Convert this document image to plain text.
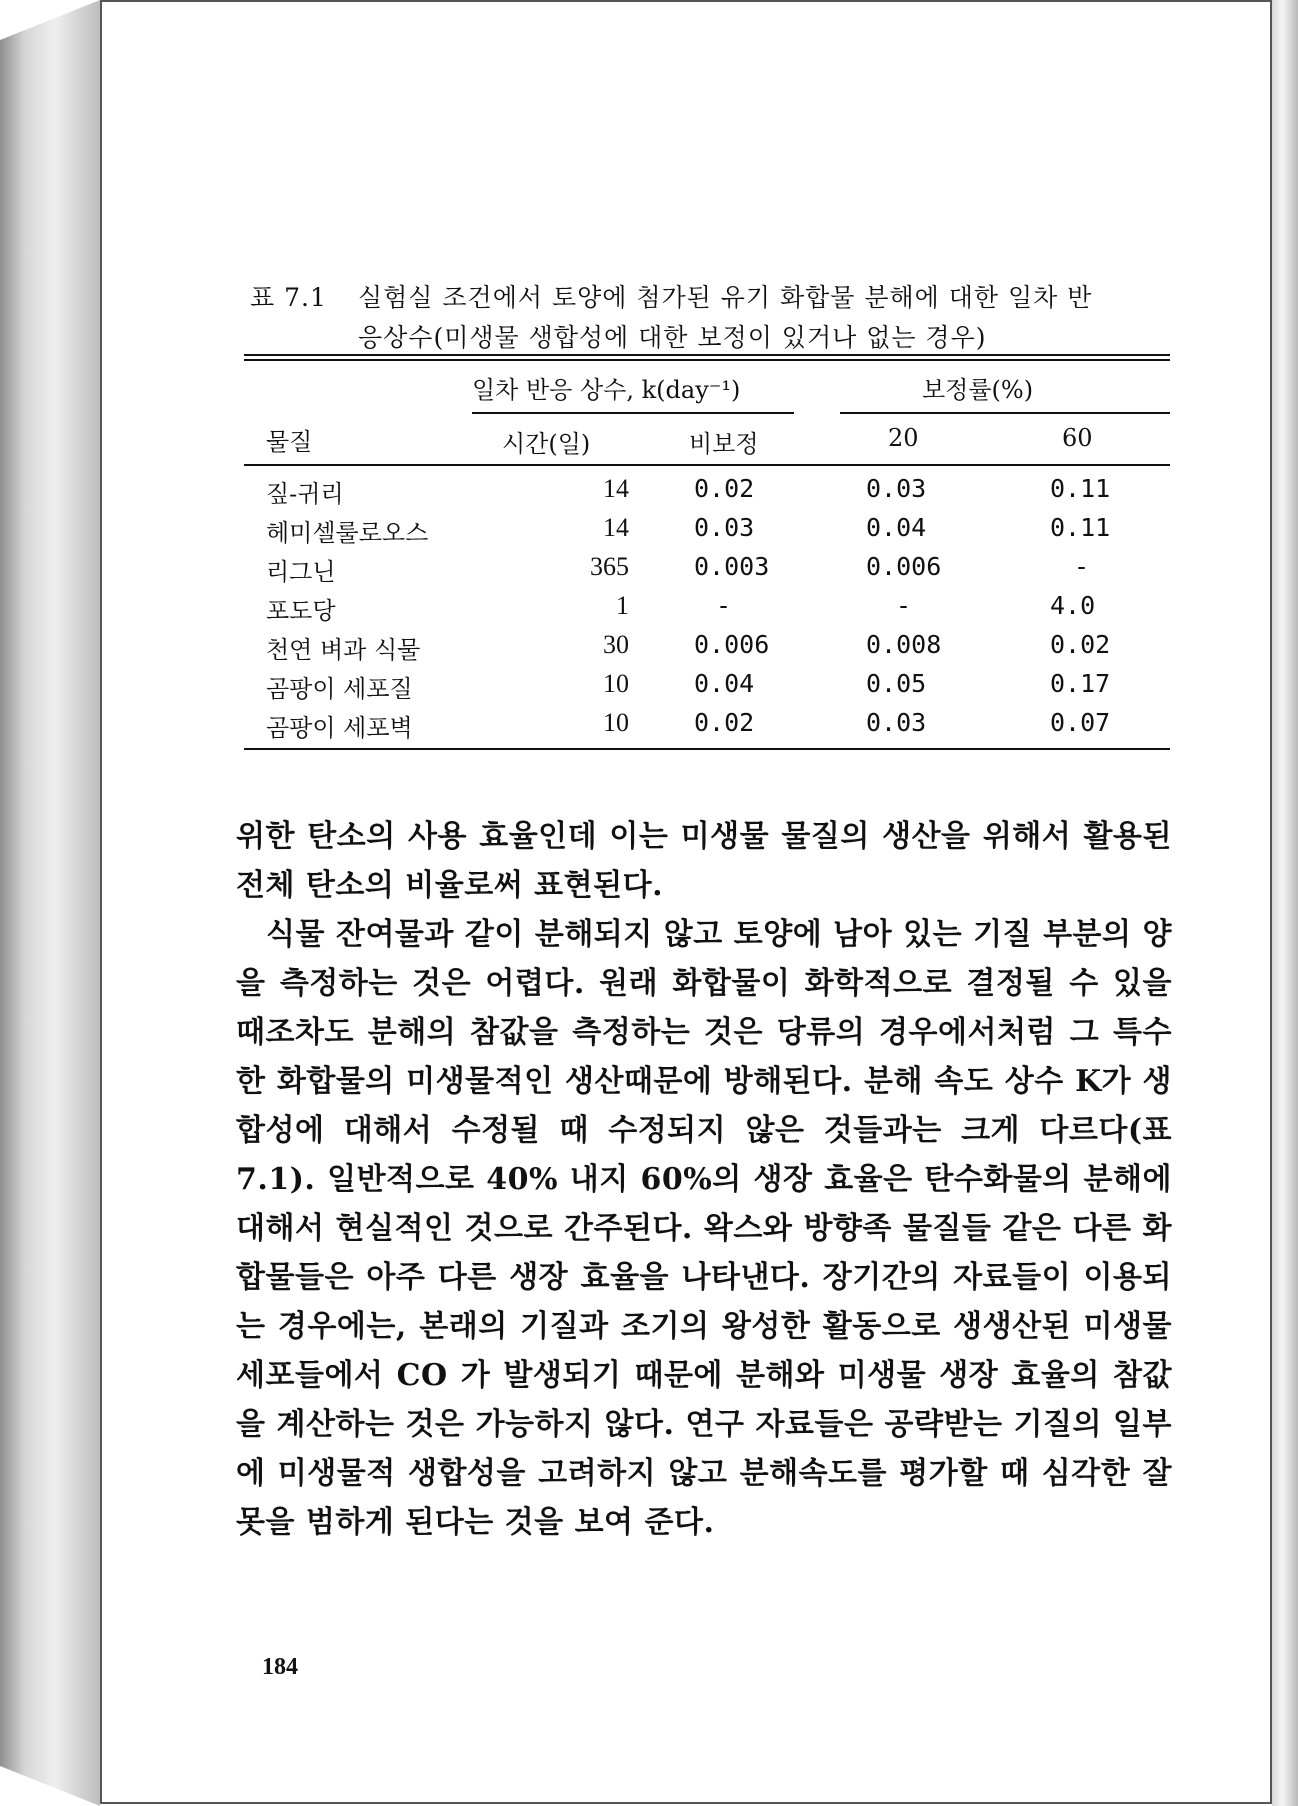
표 7.1 실험실 조건에서 토양에 첨가된 유기 화합물 분해에 대한 일차 반
응상수(미생물 생합성에 대한 보정이 있거나 없는 경우)
일차 반응 상수, k(day⁻¹)	보정률(%)
물질	시간(일)	비보정	20	60
짚-귀리	14	0.02	0.03	0.11
헤미셀룰로오스	14	0.03	0.04	0.11
리그닌	365	0.003	0.006	-
포도당	1	-	-	4.0
천연 벼과 식물	30	0.006	0.008	0.02
곰팡이 세포질	10	0.04	0.05	0.17
곰팡이 세포벽	10	0.02	0.03	0.07

위한 탄소의 사용 효율인데 이는 미생물 물질의 생산을 위해서 활용된 전체 탄소의 비율로써 표현된다.

식물 잔여물과 같이 분해되지 않고 토양에 남아 있는 기질 부분의 양을 측정하는 것은 어렵다. 원래 화합물이 화학적으로 결정될 수 있을 때조차도 분해의 참값을 측정하는 것은 당류의 경우에서처럼 그 특수한 화합물의 미생물적인 생산때문에 방해된다. 분해 속도 상수 K가 생합성에 대해서 수정될 때 수정되지 않은 것들과는 크게 다르다(표 7.1). 일반적으로 40% 내지 60%의 생장 효율은 탄수화물의 분해에 대해서 현실적인 것으로 간주된다. 왁스와 방향족 물질들 같은 다른 화합물들은 아주 다른 생장 효율을 나타낸다. 장기간의 자료들이 이용되는 경우에는, 본래의 기질과 조기의 왕성한 활동으로 생생산된 미생물 세포들에서 CO 가 발생되기 때문에 분해와 미생물 생장 효율의 참값을 계산하는 것은 가능하지 않다. 연구 자료들은 공략받는 기질의 일부에 미생물적 생합성을 고려하지 않고 분해속도를 평가할 때 심각한 잘못을 범하게 된다는 것을 보여 준다.

184
